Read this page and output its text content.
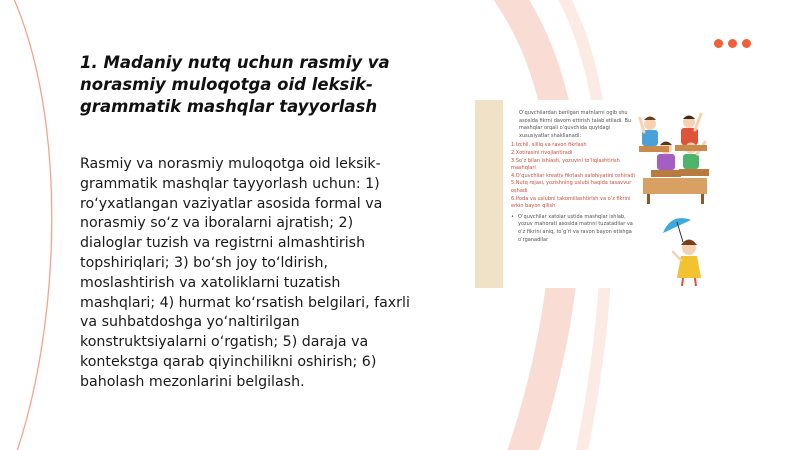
1. Madaniy nutq uchun rasmiy va norasmiy muloqotga oid leksik-grammatik mashqlar tayyorlash

Rasmiy va norasmiy muloqotga oid leksik-grammatik mashqlar tayyorlash uchun: 1) ro‘yxatlangan vaziyatlar asosida formal va norasmiy so‘z va iboralarni ajratish; 2) dialoglar tuzish va registrni almashtirish topshiriqlari; 3) bo‘sh joy to‘ldirish, moslashtirish va xatoliklarni tuzatish mashqlari; 4) hurmat ko‘rsatish belgilari, faxrli va suhbatdoshga yo‘naltirilgan konstruktsiyalarni o‘rgatish; 5) daraja va kontekstga qarab qiyinchilikni oshirish; 6) baholash mezonlarini belgilash.

O‘quvchilardan berilgan matnlarni ogib shu asosida fikrni davom ettirish talab etiladi. Bu mashqlar orqali o‘quvchida quyidagi xususiyatlar shakllanadi:

1.Izchil, silliq va ravon fikrlash
2.Xotirasini rivojlantiradi
3.So‘z bilan ishlash, yozuvini to‘liqlashtirish mashqlari
4.O‘quvchilar kreativ fikrlash salohiyatini oshiradi
5.Nutq rejasi, yozishning uslubi haqida tasavvur oshadi
6.Ifoda va uslubni takomillashtirish va o‘z fikrini erkin bayon qilish

• O‘quvchilar xatolar ustida mashqlar ishlab, yozuv mahorati asosida matnni tuzatadilar va o‘z fikrini aniq, to‘g‘ri va ravon bayon etishga o‘rganadilar
